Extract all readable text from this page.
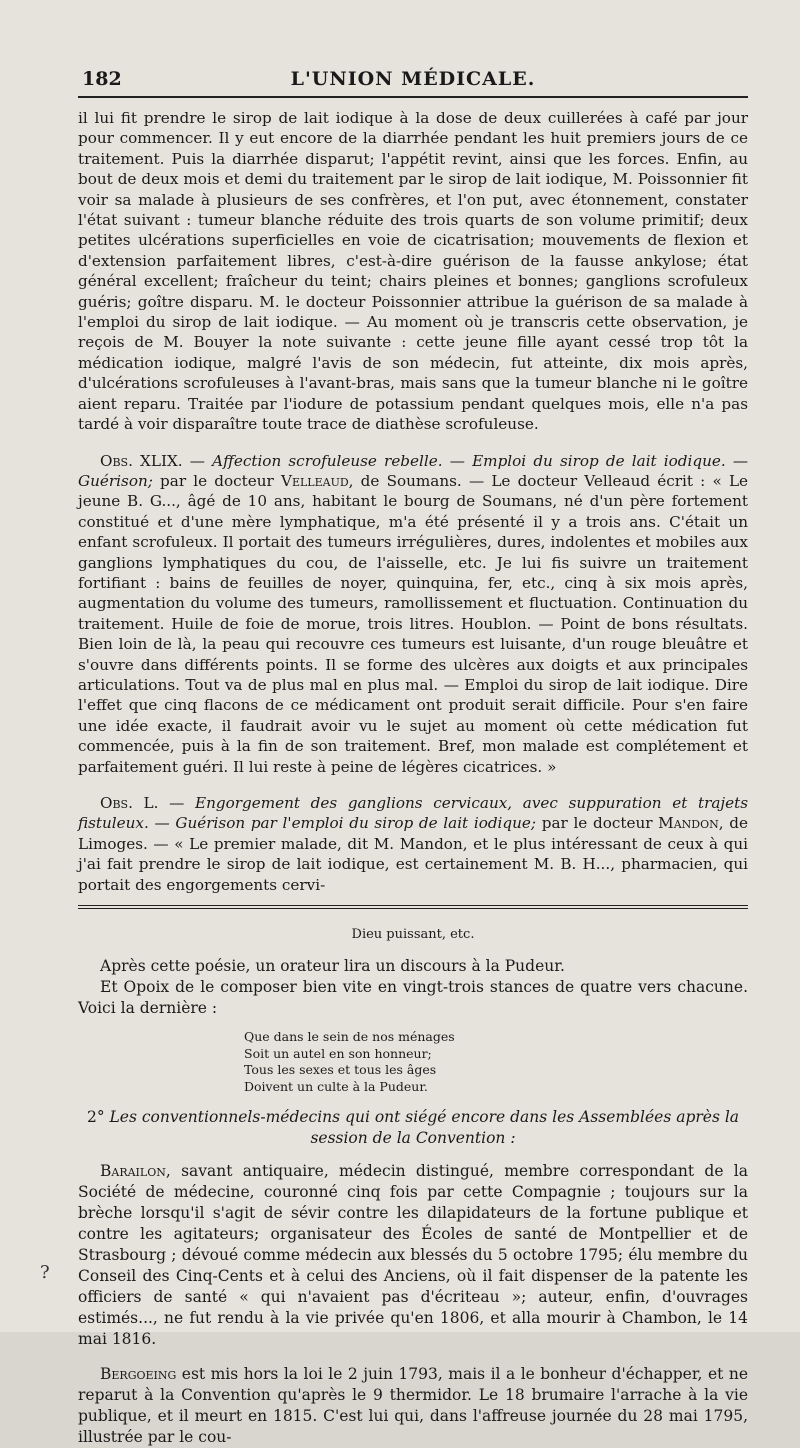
182	L'UNION MÉDICALE.

il lui fit prendre le sirop de lait iodique à la dose de deux cuillerées à café par jour pour commencer. Il y eut encore de la diarrhée pendant les huit premiers jours de ce traitement. Puis la diarrhée disparut; l'appétit revint, ainsi que les forces. Enfin, au bout de deux mois et demi du traitement par le sirop de lait iodique, M. Poissonnier fit voir sa malade à plusieurs de ses confrères, et l'on put, avec étonnement, constater l'état suivant : tumeur blanche réduite des trois quarts de son volume primitif; deux petites ulcérations superficielles en voie de cicatrisation; mouvements de flexion et d'extension parfaitement libres, c'est-à-dire guérison de la fausse ankylose; état général excellent; fraîcheur du teint; chairs pleines et bonnes; ganglions scrofuleux guéris; goître disparu. M. le docteur Poissonnier attribue la guérison de sa malade à l'emploi du sirop de lait iodique. — Au moment où je transcris cette observation, je reçois de M. Bouyer la note suivante : cette jeune fille ayant cessé trop tôt la médication iodique, malgré l'avis de son médecin, fut atteinte, dix mois après, d'ulcérations scrofuleuses à l'avant-bras, mais sans que la tumeur blanche ni le goître aient reparu. Traitée par l'iodure de potassium pendant quelques mois, elle n'a pas tardé à voir disparaître toute trace de diathèse scrofuleuse.

Obs. XLIX. — Affection scrofuleuse rebelle. — Emploi du sirop de lait iodique. — Guérison; par le docteur Velleaud, de Soumans. — Le docteur Velleaud écrit : « Le jeune B. G..., âgé de 10 ans, habitant le bourg de Soumans, né d'un père fortement constitué et d'une mère lymphatique, m'a été présenté il y a trois ans. C'était un enfant scrofuleux. Il portait des tumeurs irrégulières, dures, indolentes et mobiles aux ganglions lymphatiques du cou, de l'aisselle, etc. Je lui fis suivre un traitement fortifiant : bains de feuilles de noyer, quinquina, fer, etc., cinq à six mois après, augmentation du volume des tumeurs, ramollissement et fluctuation. Continuation du traitement. Huile de foie de morue, trois litres. Houblon. — Point de bons résultats. Bien loin de là, la peau qui recouvre ces tumeurs est luisante, d'un rouge bleuâtre et s'ouvre dans différents points. Il se forme des ulcères aux doigts et aux principales articulations. Tout va de plus mal en plus mal. — Emploi du sirop de lait iodique. Dire l'effet que cinq flacons de ce médicament ont produit serait difficile. Pour s'en faire une idée exacte, il faudrait avoir vu le sujet au moment où cette médication fut commencée, puis à la fin de son traitement. Bref, mon malade est complétement et parfaitement guéri. Il lui reste à peine de légères cicatrices. »

Obs. L. — Engorgement des ganglions cervicaux, avec suppuration et trajets fistuleux. — Guérison par l'emploi du sirop de lait iodique; par le docteur Mandon, de Limoges. — « Le premier malade, dit M. Mandon, et le plus intéressant de ceux à qui j'ai fait prendre le sirop de lait iodique, est certainement M. B. H..., pharmacien, qui portait des engorgements cervi-

Dieu puissant, etc.

Après cette poésie, un orateur lira un discours à la Pudeur.

Et Opoix de le composer bien vite en vingt-trois stances de quatre vers chacune. Voici la dernière :

Que dans le sein de nos ménages
Soit un autel en son honneur;
Tous les sexes et tous les âges
Doivent un culte à la Pudeur.
2° Les conventionnels-médecins qui ont siégé encore dans les Assemblées après la session de la Convention :

Barailon, savant antiquaire, médecin distingué, membre correspondant de la Société de médecine, couronné cinq fois par cette Compagnie ; toujours sur la brèche lorsqu'il s'agit de sévir contre les dilapidateurs de la fortune publique et contre les agitateurs; organisateur des Écoles de santé de Montpellier et de Strasbourg ; dévoué comme médecin aux blessés du 5 octobre 1795; élu membre du Conseil des Cinq-Cents et à celui des Anciens, où il fait dispenser de la patente les officiers de santé « qui n'avaient pas d'écriteau »; auteur, enfin, d'ouvrages estimés..., ne fut rendu à la vie privée qu'en 1806, et alla mourir à Chambon, le 14 mai 1816.

Bergoeing est mis hors la loi le 2 juin 1793, mais il a le bonheur d'échapper, et ne reparut à la Convention qu'après le 9 thermidor. Le 18 brumaire l'arrache à la vie publique, et il meurt en 1815. C'est lui qui, dans l'affreuse journée du 28 mai 1795, illustrée par le cou-

?
